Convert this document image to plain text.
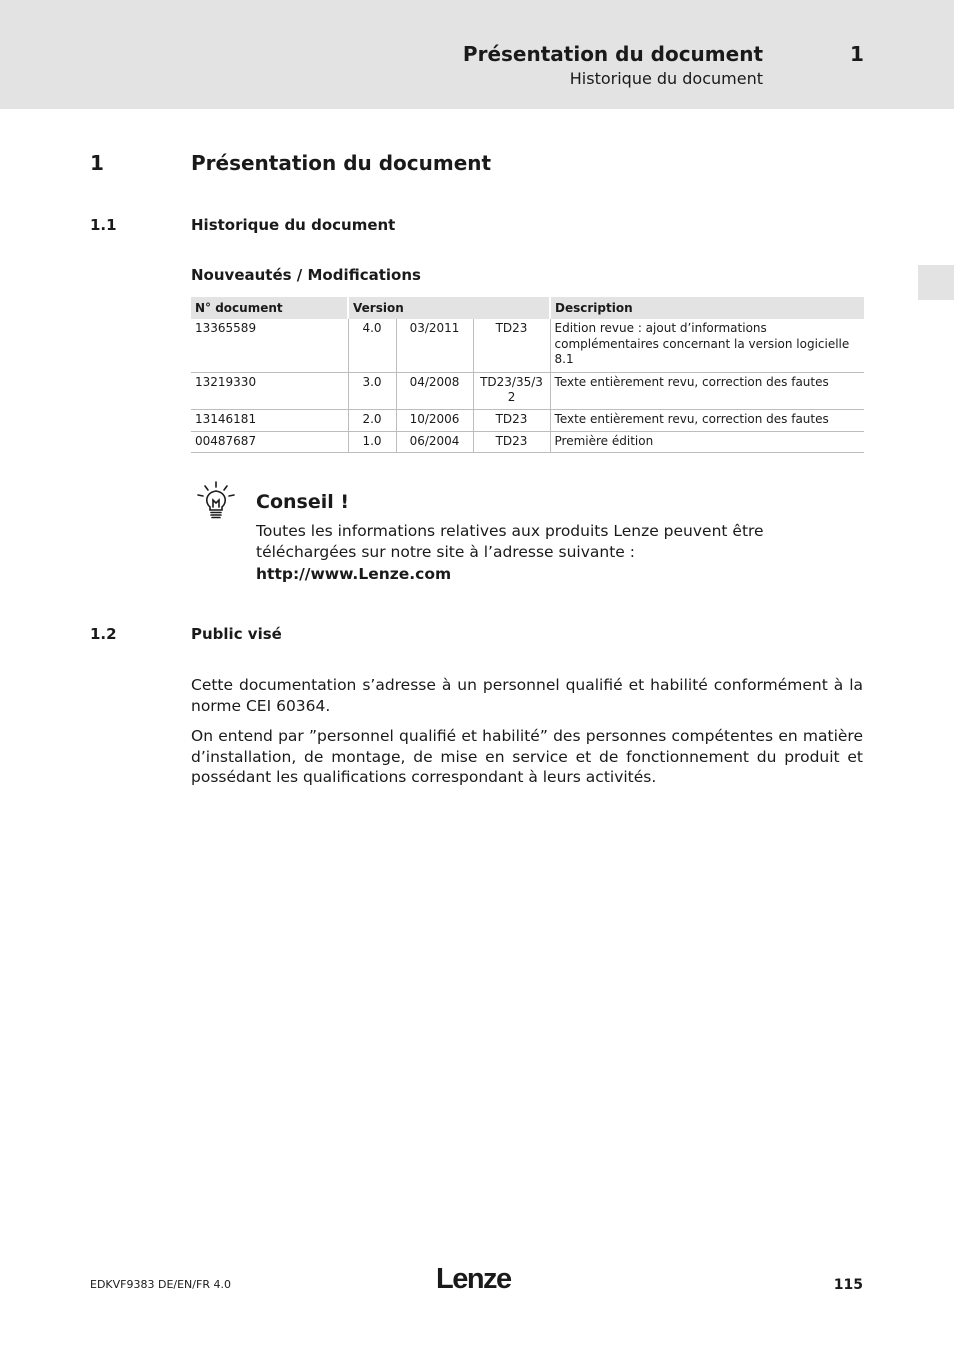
Présentation du document	1
Historique du document
1	Présentation du document
1.1	Historique du document
Nouveautés / Modifications
N° document	Version			Description
13365589	4.0	03/2011	TD23	Edition revue : ajout d’informations complémentaires concernant la version logicielle 8.1
13219330	3.0	04/2008	TD23/35/32	Texte entièrement revu, correction des fautes
13146181	2.0	10/2006	TD23	Texte entièrement revu, correction des fautes
00487687	1.0	06/2004	TD23	Première édition
Conseil !
Toutes les informations relatives aux produits Lenze peuvent être téléchargées sur notre site à l’adresse suivante :
http://www.Lenze.com
1.2	Public visé
Cette documentation s’adresse à un personnel qualifié et habilité conformément à la norme CEI 60364.
On entend par ”personnel qualifié et habilité” des personnes compétentes en matière d’installation, de montage, de mise en service et de fonctionnement du produit et possédant les qualifications correspondant à leurs activités.
EDKVF9383 DE/EN/FR 4.0	Lenze	115
